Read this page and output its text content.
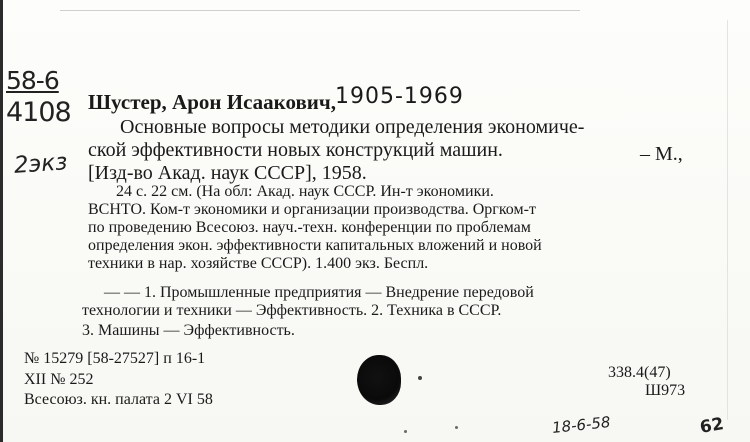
58-6
4108
2экз
Шустер, Арон Исаакович, 1905-1969
Основные вопросы методики определения экономиче-
ской эффективности новых конструкций машин.
[Изд-во Акад. наук СССР], 1958.
– М.,
24 с. 22 см. (На обл: Акад. наук СССР. Ин-т экономики.
ВСНТО. Ком-т экономики и организации производства. Оргком-т
по проведению Всесоюз. науч.-техн. конференции по проблемам
определения экон. эффективности капитальных вложений и новой
техники в нар. хозяйстве СССР). 1.400 экз. Беспл.
— — 1. Промышленные предприятия — Внедрение передовой
технологии и техники — Эффективность. 2. Техника в СССР.
3. Машины — Эффективность.
№ 15279 [58-27527] п 16-1
ХII № 252
Всесоюз. кн. палата 2 VI 58
338.4(47)
Ш973
18-6-58	62
